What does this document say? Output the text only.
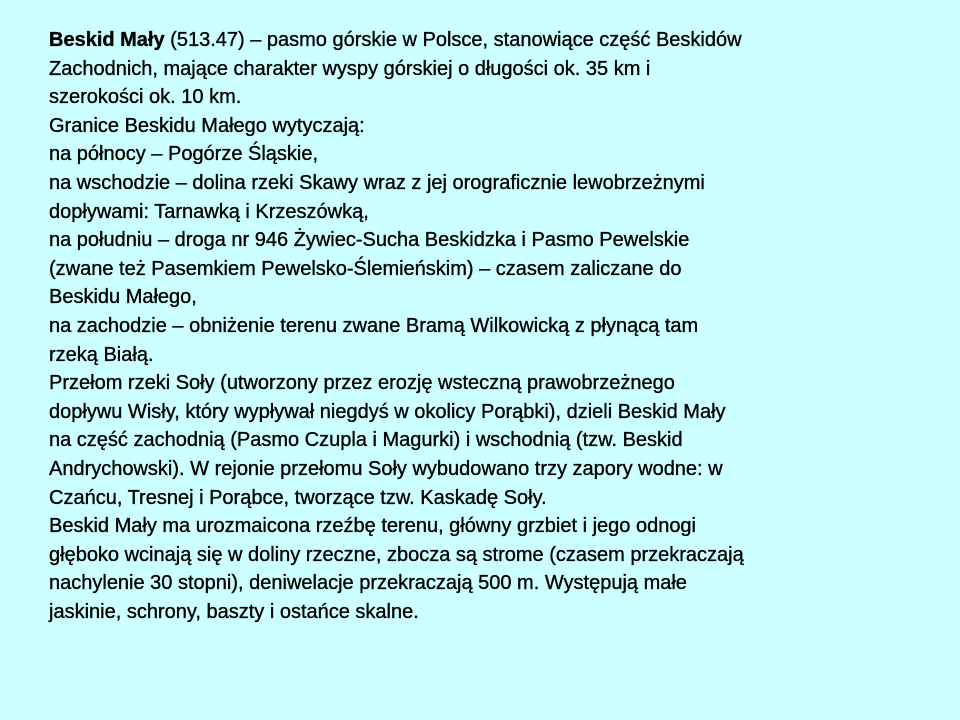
Beskid Mały (513.47) – pasmo górskie w Polsce, stanowiące część Beskidów
Zachodnich, mające charakter wyspy górskiej o długości ok. 35 km i
szerokości ok. 10 km.
Granice Beskidu Małego wytyczają:
na północy – Pogórze Śląskie,
na wschodzie – dolina rzeki Skawy wraz z jej orograficznie lewobrzeżnymi
dopływami: Tarnawką i Krzeszówką,
na południu – droga nr 946 Żywiec-Sucha Beskidzka i Pasmo Pewelskie
(zwane też Pasemkiem Pewelsko-Ślemieńskim) – czasem zaliczane do
Beskidu Małego,
na zachodzie – obniżenie terenu zwane Bramą Wilkowicką z płynącą tam
rzeką Białą.
Przełom rzeki Soły (utworzony przez erozję wsteczną prawobrzeżnego
dopływu Wisły, który wypływał niegdyś w okolicy Porąbki), dzieli Beskid Mały
na część zachodnią (Pasmo Czupla i Magurki) i wschodnią (tzw. Beskid
Andrychowski). W rejonie przełomu Soły wybudowano trzy zapory wodne: w
Czańcu, Tresnej i Porąbce, tworzące tzw. Kaskadę Soły.
Beskid Mały ma urozmaicona rzeźbę terenu, główny grzbiet i jego odnogi
głęboko wcinają się w doliny rzeczne, zbocza są strome (czasem przekraczają
nachylenie 30 stopni), deniwelacje przekraczają 500 m. Występują małe
jaskinie, schrony, baszty i ostańce skalne.
